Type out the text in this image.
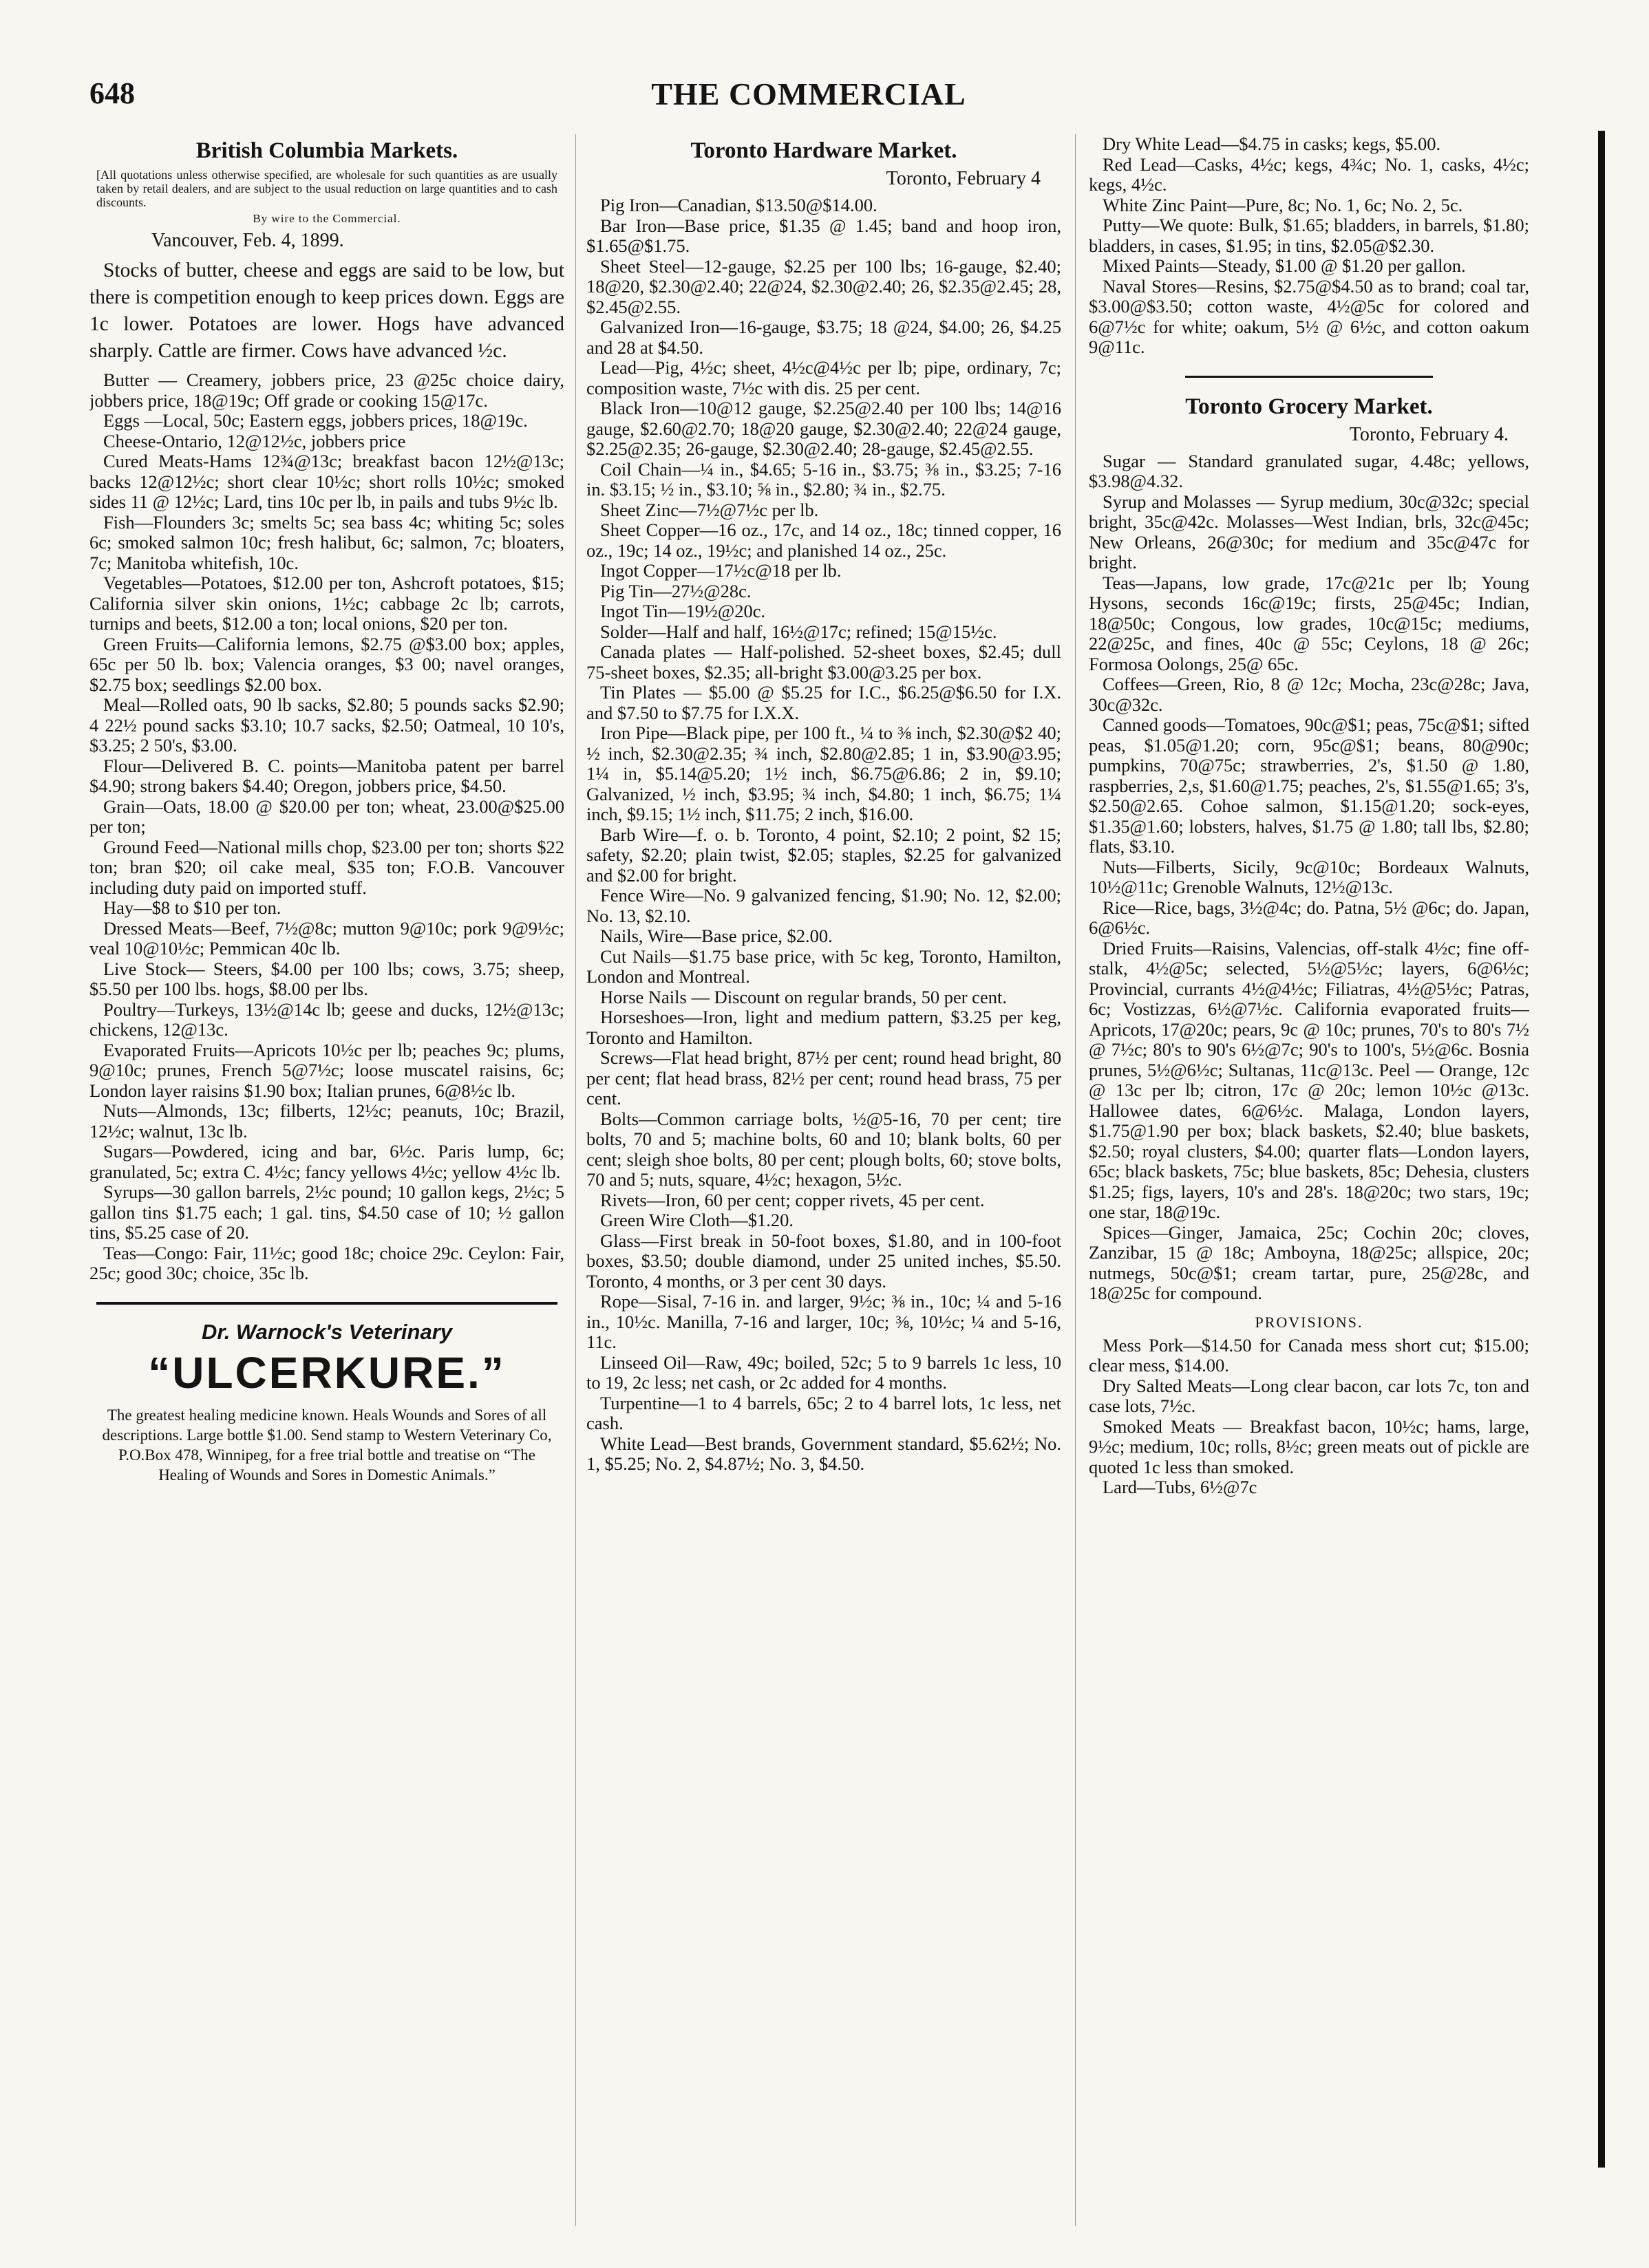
648	THE COMMERCIAL
British Columbia Markets.

[All quotations unless otherwise specified, are wholesale for such quantities as are usually taken by retail dealers, and are subject to the usual reduction on large quantities and to cash discounts.

By wire to the Commercial.
Vancouver, Feb. 4, 1899.

Stocks of butter, cheese and eggs are said to be low, but there is competition enough to keep prices down. Eggs are 1c lower. Potatoes are lower. Hogs have advanced sharply. Cattle are firmer. Cows have advanced ½c.

Butter — Creamery, jobbers price, 23 @25c choice dairy, jobbers price, 18@19c; Off grade or cooking 15@17c.

Eggs —Local, 50c; Eastern eggs, jobbers prices, 18@19c.

Cheese-Ontario, 12@12½c, jobbers price

Cured Meats-Hams 12¾@13c; breakfast bacon 12½@13c; backs 12@12½c; short clear 10½c; short rolls 10½c; smoked sides 11 @ 12½c; Lard, tins 10c per lb, in pails and tubs 9½c lb.

Fish—Flounders 3c; smelts 5c; sea bass 4c; whiting 5c; soles 6c; smoked salmon 10c; fresh halibut, 6c; salmon, 7c; bloaters, 7c; Manitoba whitefish, 10c.

Vegetables—Potatoes, $12.00 per ton, Ashcroft potatoes, $15; California silver skin onions, 1½c; cabbage 2c lb; carrots, turnips and beets, $12.00 a ton; local onions, $20 per ton.

Green Fruits—California lemons, $2.75 @$3.00 box; apples, 65c per 50 lb. box; Valencia oranges, $3 00; navel oranges, $2.75 box; seedlings $2.00 box.

Meal—Rolled oats, 90 lb sacks, $2.80; 5 pounds sacks $2.90; 4 22½ pound sacks $3.10; 10.7 sacks, $2.50; Oatmeal, 10 10's, $3.25; 2 50's, $3.00.

Flour—Delivered B. C. points—Manitoba patent per barrel $4.90; strong bakers $4.40; Oregon, jobbers price, $4.50.

Grain—Oats, 18.00 @ $20.00 per ton; wheat, 23.00@$25.00 per ton;

Ground Feed—National mills chop, $23.00 per ton; shorts $22 ton; bran $20; oil cake meal, $35 ton; F.O.B. Vancouver including duty paid on imported stuff.

Hay—$8 to $10 per ton.

Dressed Meats—Beef, 7½@8c; mutton 9@10c; pork 9@9½c; veal 10@10½c; Pemmican 40c lb.

Live Stock— Steers, $4.00 per 100 lbs; cows, 3.75; sheep, $5.50 per 100 lbs. hogs, $8.00 per lbs.

Poultry—Turkeys, 13½@14c lb; geese and ducks, 12½@13c; chickens, 12@13c.

Evaporated Fruits—Apricots 10½c per lb; peaches 9c; plums, 9@10c; prunes, French 5@7½c; loose muscatel raisins, 6c; London layer raisins $1.90 box; Italian prunes, 6@8½c lb.

Nuts—Almonds, 13c; filberts, 12½c; peanuts, 10c; Brazil, 12½c; walnut, 13c lb.

Sugars—Powdered, icing and bar, 6½c. Paris lump, 6c; granulated, 5c; extra C. 4½c; fancy yellows 4½c; yellow 4½c lb.

Syrups—30 gallon barrels, 2½c pound; 10 gallon kegs, 2½c; 5 gallon tins $1.75 each; 1 gal. tins, $4.50 case of 10; ½ gallon tins, $5.25 case of 20.

Teas—Congo: Fair, 11½c; good 18c; choice 29c. Ceylon: Fair, 25c; good 30c; choice, 35c lb.

Dr. Warnock's Veterinary
“ULCERKURE.”

The greatest healing medicine known. Heals Wounds and Sores of all descriptions. Large bottle $1.00. Send stamp to Western Veterinary Co, P.O.Box 478, Winnipeg, for a free trial bottle and treatise on “The Healing of Wounds and Sores in Domestic Animals.”

Toronto Hardware Market.
Toronto, February 4

Pig Iron—Canadian, $13.50@$14.00.

Bar Iron—Base price, $1.35 @ 1.45; band and hoop iron, $1.65@$1.75.

Sheet Steel—12-gauge, $2.25 per 100 lbs; 16-gauge, $2.40; 18@20, $2.30@2.40; 22@24, $2.30@2.40; 26, $2.35@2.45; 28, $2.45@2.55.

Galvanized Iron—16-gauge, $3.75; 18 @24, $4.00; 26, $4.25 and 28 at $4.50.

Lead—Pig, 4½c; sheet, 4½c@4½c per lb; pipe, ordinary, 7c; composition waste, 7½c with dis. 25 per cent.

Black Iron—10@12 gauge, $2.25@2.40 per 100 lbs; 14@16 gauge, $2.60@2.70; 18@20 gauge, $2.30@2.40; 22@24 gauge, $2.25@2.35; 26-gauge, $2.30@2.40; 28-gauge, $2.45@2.55.

Coil Chain—¼ in., $4.65; 5-16 in., $3.75; ⅜ in., $3.25; 7-16 in. $3.15; ½ in., $3.10; ⅝ in., $2.80; ¾ in., $2.75.

Sheet Zinc—7½@7½c per lb.

Sheet Copper—16 oz., 17c, and 14 oz., 18c; tinned copper, 16 oz., 19c; 14 oz., 19½c; and planished 14 oz., 25c.

Ingot Copper—17½c@18 per lb.

Pig Tin—27½@28c.

Ingot Tin—19½@20c.

Solder—Half and half, 16½@17c; refined; 15@15½c.

Canada plates — Half-polished. 52-sheet boxes, $2.45; dull 75-sheet boxes, $2.35; all-bright $3.00@3.25 per box.

Tin Plates — $5.00 @ $5.25 for I.C., $6.25@$6.50 for I.X. and $7.50 to $7.75 for I.X.X.

Iron Pipe—Black pipe, per 100 ft., ¼ to ⅜ inch, $2.30@$2 40; ½ inch, $2.30@2.35; ¾ inch, $2.80@2.85; 1 in, $3.90@3.95; 1¼ in, $5.14@5.20; 1½ inch, $6.75@6.86; 2 in, $9.10; Galvanized, ½ inch, $3.95; ¾ inch, $4.80; 1 inch, $6.75; 1¼ inch, $9.15; 1½ inch, $11.75; 2 inch, $16.00.

Barb Wire—f. o. b. Toronto, 4 point, $2.10; 2 point, $2 15; safety, $2.20; plain twist, $2.05; staples, $2.25 for galvanized and $2.00 for bright.

Fence Wire—No. 9 galvanized fencing, $1.90; No. 12, $2.00; No. 13, $2.10.

Nails, Wire—Base price, $2.00.

Cut Nails—$1.75 base price, with 5c keg, Toronto, Hamilton, London and Montreal.

Horse Nails — Discount on regular brands, 50 per cent.

Horseshoes—Iron, light and medium pattern, $3.25 per keg, Toronto and Hamilton.

Screws—Flat head bright, 87½ per cent; round head bright, 80 per cent; flat head brass, 82½ per cent; round head brass, 75 per cent.

Bolts—Common carriage bolts, ½@5-16, 70 per cent; tire bolts, 70 and 5; machine bolts, 60 and 10; blank bolts, 60 per cent; sleigh shoe bolts, 80 per cent; plough bolts, 60; stove bolts, 70 and 5; nuts, square, 4½c; hexagon, 5½c.

Rivets—Iron, 60 per cent; copper rivets, 45 per cent.

Green Wire Cloth—$1.20.

Glass—First break in 50-foot boxes, $1.80, and in 100-foot boxes, $3.50; double diamond, under 25 united inches, $5.50. Toronto, 4 months, or 3 per cent 30 days.

Rope—Sisal, 7-16 in. and larger, 9½c; ⅜ in., 10c; ¼ and 5-16 in., 10½c. Manilla, 7-16 and larger, 10c; ⅜, 10½c; ¼ and 5-16, 11c.

Linseed Oil—Raw, 49c; boiled, 52c; 5 to 9 barrels 1c less, 10 to 19, 2c less; net cash, or 2c added for 4 months.

Turpentine—1 to 4 barrels, 65c; 2 to 4 barrel lots, 1c less, net cash.

White Lead—Best brands, Government standard, $5.62½; No. 1, $5.25; No. 2, $4.87½; No. 3, $4.50.

Dry White Lead—$4.75 in casks; kegs, $5.00.

Red Lead—Casks, 4½c; kegs, 4¾c; No. 1, casks, 4½c; kegs, 4½c.

White Zinc Paint—Pure, 8c; No. 1, 6c; No. 2, 5c.

Putty—We quote: Bulk, $1.65; bladders, in barrels, $1.80; bladders, in cases, $1.95; in tins, $2.05@$2.30.

Mixed Paints—Steady, $1.00 @ $1.20 per gallon.

Naval Stores—Resins, $2.75@$4.50 as to brand; coal tar, $3.00@$3.50; cotton waste, 4½@5c for colored and 6@7½c for white; oakum, 5½ @ 6½c, and cotton oakum 9@11c.

Toronto Grocery Market.
Toronto, February 4.

Sugar — Standard granulated sugar, 4.48c; yellows, $3.98@4.32.

Syrup and Molasses — Syrup medium, 30c@32c; special bright, 35c@42c. Molasses—West Indian, brls, 32c@45c; New Orleans, 26@30c; for medium and 35c@47c for bright.

Teas—Japans, low grade, 17c@21c per lb; Young Hysons, seconds 16c@19c; firsts, 25@45c; Indian, 18@50c; Congous, low grades, 10c@15c; mediums, 22@25c, and fines, 40c @ 55c; Ceylons, 18 @ 26c; Formosa Oolongs, 25@ 65c.

Coffees—Green, Rio, 8 @ 12c; Mocha, 23c@28c; Java, 30c@32c.

Canned goods—Tomatoes, 90c@$1; peas, 75c@$1; sifted peas, $1.05@1.20; corn, 95c@$1; beans, 80@90c; pumpkins, 70@75c; strawberries, 2's, $1.50 @ 1.80, raspberries, 2,s, $1.60@1.75; peaches, 2's, $1.55@1.65; 3's, $2.50@2.65. Cohoe salmon, $1.15@1.20; sock-eyes, $1.35@1.60; lobsters, halves, $1.75 @ 1.80; tall lbs, $2.80; flats, $3.10.

Nuts—Filberts, Sicily, 9c@10c; Bordeaux Walnuts, 10½@11c; Grenoble Walnuts, 12½@13c.

Rice—Rice, bags, 3½@4c; do. Patna, 5½ @6c; do. Japan, 6@6½c.

Dried Fruits—Raisins, Valencias, off-stalk 4½c; fine off-stalk, 4½@5c; selected, 5½@5½c; layers, 6@6½c; Provincial, currants 4½@4½c; Filiatras, 4½@5½c; Patras, 6c; Vostizzas, 6½@7½c. California evaporated fruits—Apricots, 17@20c; pears, 9c @ 10c; prunes, 70's to 80's 7½ @ 7½c; 80's to 90's 6½@7c; 90's to 100's, 5½@6c. Bosnia prunes, 5½@6½c; Sultanas, 11c@13c. Peel — Orange, 12c @ 13c per lb; citron, 17c @ 20c; lemon 10½c @13c. Hallowee dates, 6@6½c. Malaga, London layers, $1.75@1.90 per box; black baskets, $2.40; blue baskets, $2.50; royal clusters, $4.00; quarter flats—London layers, 65c; black baskets, 75c; blue baskets, 85c; Dehesia, clusters $1.25; figs, layers, 10's and 28's. 18@20c; two stars, 19c; one star, 18@19c.

Spices—Ginger, Jamaica, 25c; Cochin 20c; cloves, Zanzibar, 15 @ 18c; Amboyna, 18@25c; allspice, 20c; nutmegs, 50c@$1; cream tartar, pure, 25@28c, and 18@25c for compound.

PROVISIONS.

Mess Pork—$14.50 for Canada mess short cut; $15.00; clear mess, $14.00.

Dry Salted Meats—Long clear bacon, car lots 7c, ton and case lots, 7½c.

Smoked Meats — Breakfast bacon, 10½c; hams, large, 9½c; medium, 10c; rolls, 8½c; green meats out of pickle are quoted 1c less than smoked.

Lard—Tubs, 6½@7c
